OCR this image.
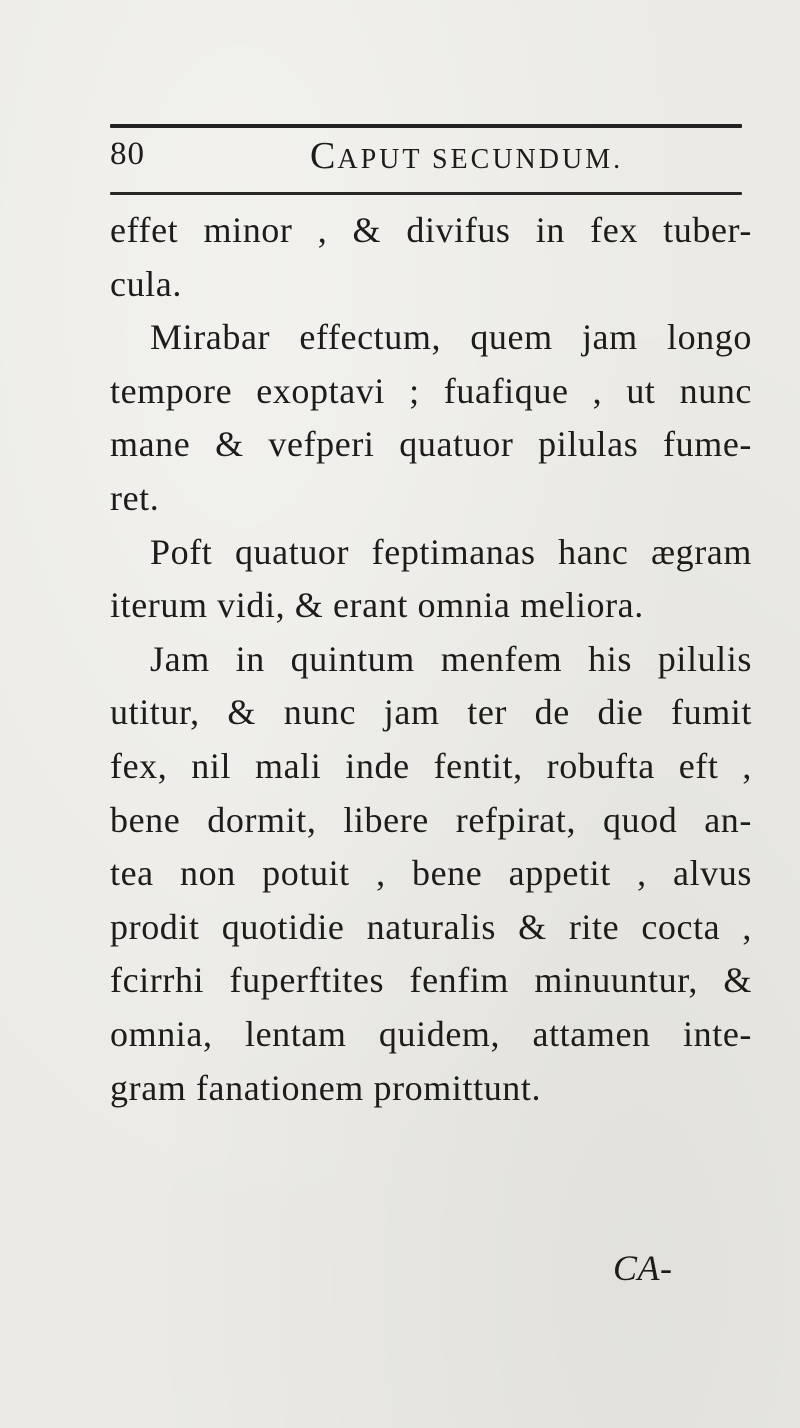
80	CAPUT SECUNDUM.
effet minor , & divifus in fex tuber-
cula.
Mirabar effectum, quem jam longo
tempore exoptavi ; fuafique , ut nunc
mane & vefperi quatuor pilulas fume-
ret.
Poft quatuor feptimanas hanc ægram
iterum vidi, & erant omnia meliora.
Jam in quintum menfem his pilulis
utitur, & nunc jam ter de die fumit
fex, nil mali inde fentit, robufta eft ,
bene dormit, libere refpirat, quod an-
tea non potuit , bene appetit , alvus
prodit quotidie naturalis & rite cocta ,
fcirrhi fuperftites fenfim minuuntur, &
omnia, lentam quidem, attamen inte-
gram fanationem promittunt.
CA-
